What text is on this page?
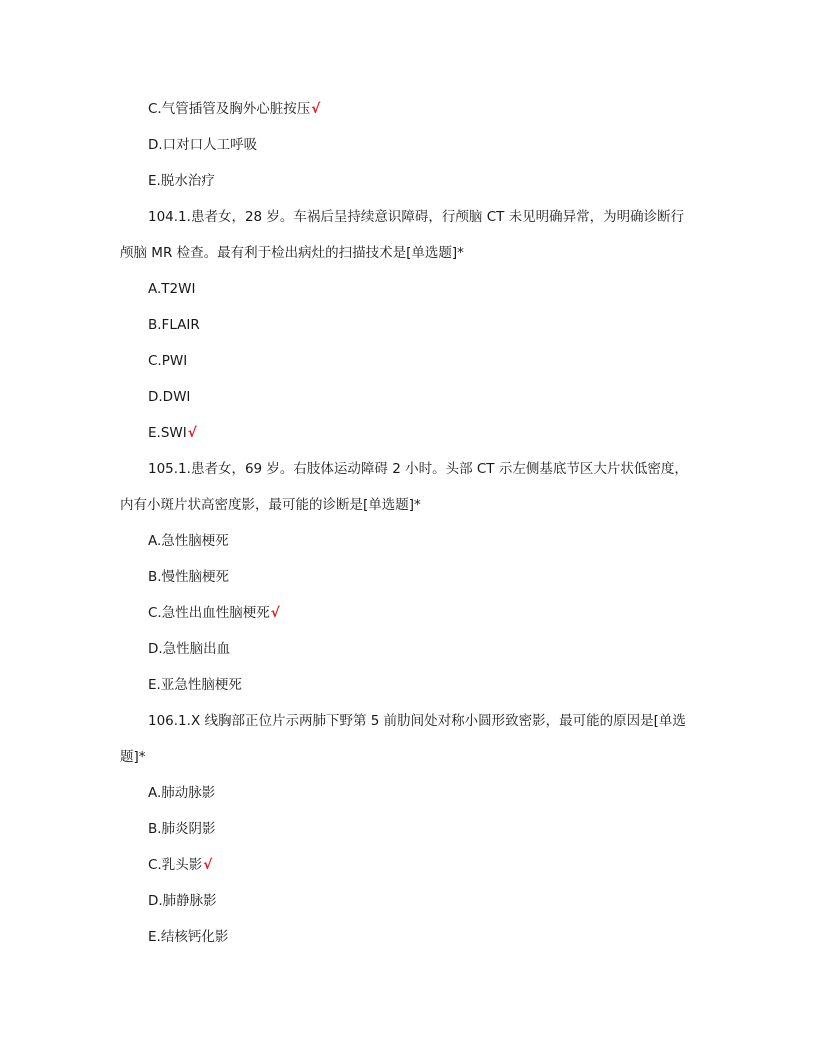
C.气管插管及胸外心脏按压√
D.口对口人工呼吸
E.脱水治疗
104.1.患者女，28 岁。车祸后呈持续意识障碍，行颅脑 CT 未见明确异常，为明确诊断行
颅脑 MR 检查。最有利于检出病灶的扫描技术是[单选题]*
A.T2WI
B.FLAIR
C.PWI
D.DWI
E.SWI√
105.1.患者女，69 岁。右肢体运动障碍 2 小时。头部 CT 示左侧基底节区大片状低密度，
内有小斑片状高密度影，最可能的诊断是[单选题]*
A.急性脑梗死
B.慢性脑梗死
C.急性出血性脑梗死√
D.急性脑出血
E.亚急性脑梗死
106.1.X 线胸部正位片示两肺下野第 5 前肋间处对称小圆形致密影，最可能的原因是[单选
题]*
A.肺动脉影
B.肺炎阴影
C.乳头影√
D.肺静脉影
E.结核钙化影
